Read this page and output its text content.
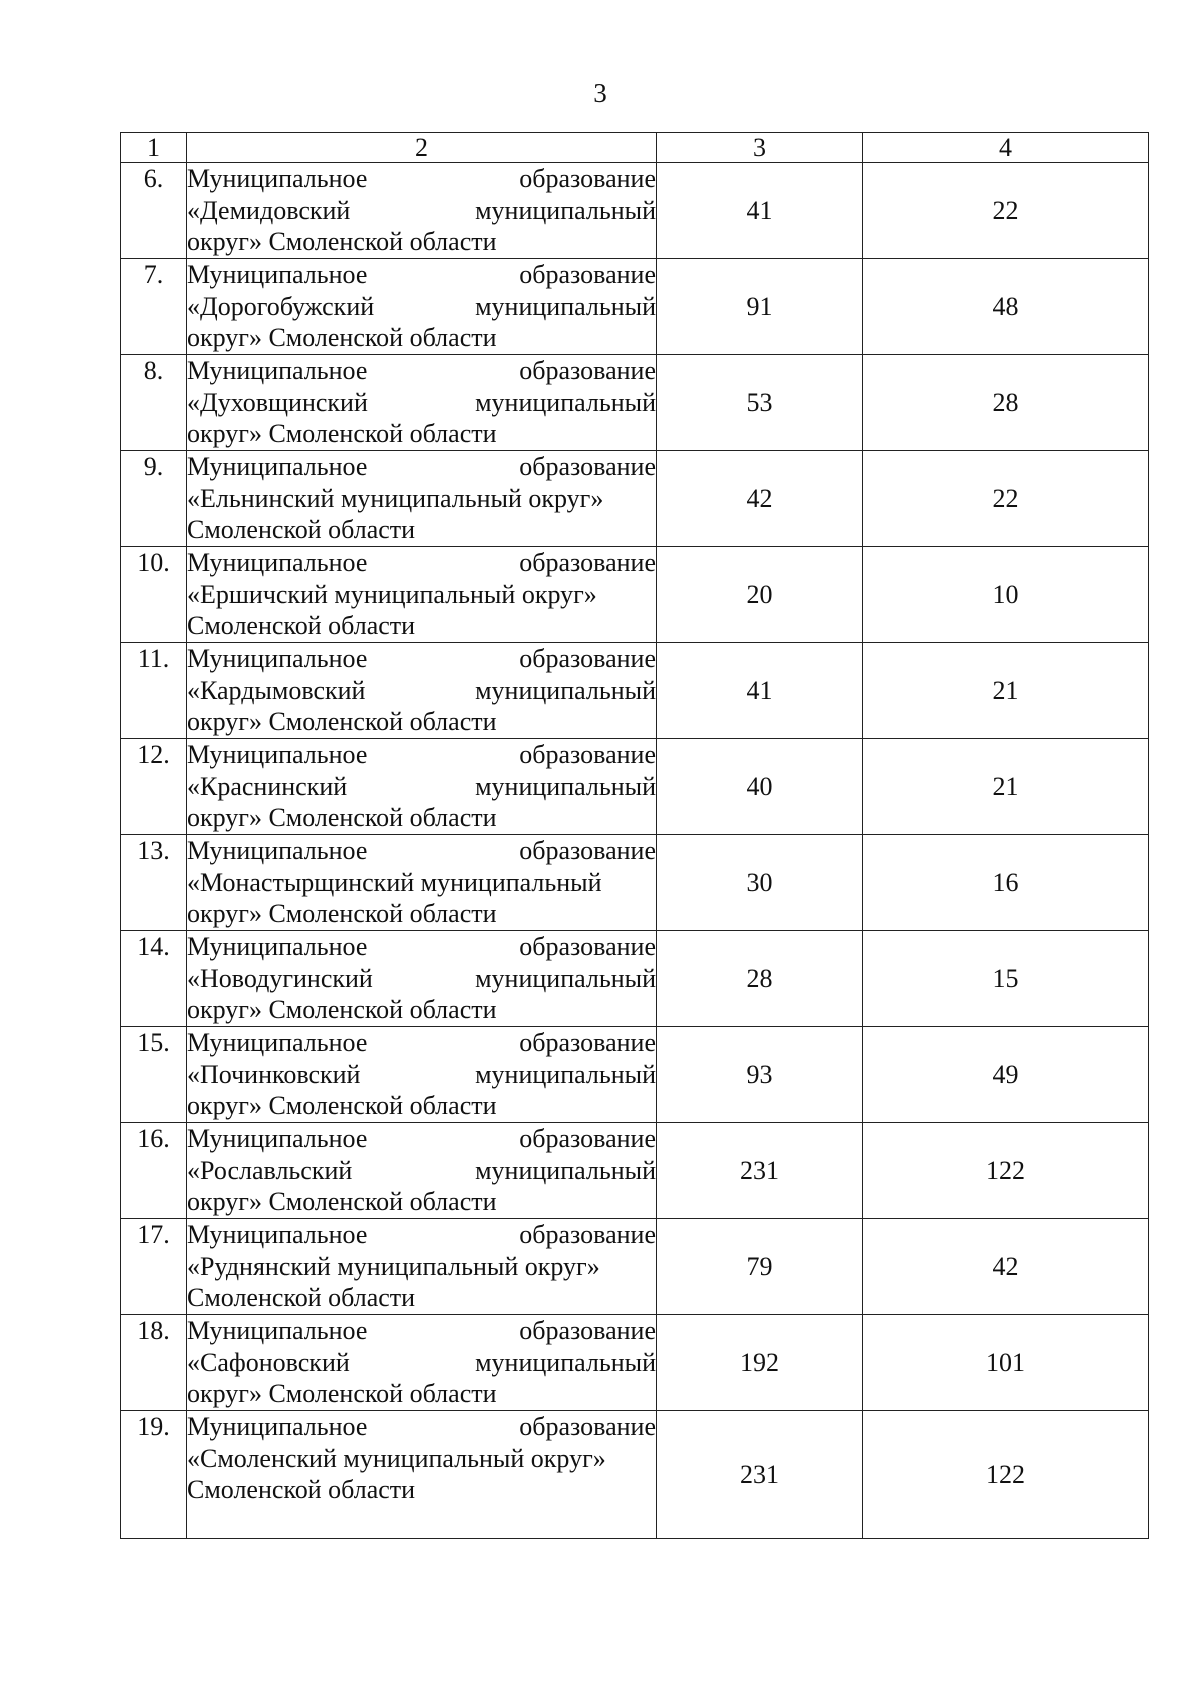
3
1	2	3	4
6.	Муниципальное образование
«Демидовский муниципальный
округ» Смоленской области	41	22
7.	Муниципальное образование
«Дорогобужский муниципальный
округ» Смоленской области	91	48
8.	Муниципальное образование
«Духовщинский муниципальный
округ» Смоленской области	53	28
9.	Муниципальное образование
«Ельнинский муниципальный округ»
Смоленской области	42	22
10.	Муниципальное образование
«Ершичский муниципальный округ»
Смоленской области	20	10
11.	Муниципальное образование
«Кардымовский муниципальный
округ» Смоленской области	41	21
12.	Муниципальное образование
«Краснинский муниципальный
округ» Смоленской области	40	21
13.	Муниципальное образование
«Монастырщинский муниципальный
округ» Смоленской области	30	16
14.	Муниципальное образование
«Новодугинский муниципальный
округ» Смоленской области	28	15
15.	Муниципальное образование
«Починковский муниципальный
округ» Смоленской области	93	49
16.	Муниципальное образование
«Рославльский муниципальный
округ» Смоленской области	231	122
17.	Муниципальное образование
«Руднянский муниципальный округ»
Смоленской области	79	42
18.	Муниципальное образование
«Сафоновский муниципальный
округ» Смоленской области	192	101
19.	Муниципальное образование
«Смоленский муниципальный округ»
Смоленской области	231	122
